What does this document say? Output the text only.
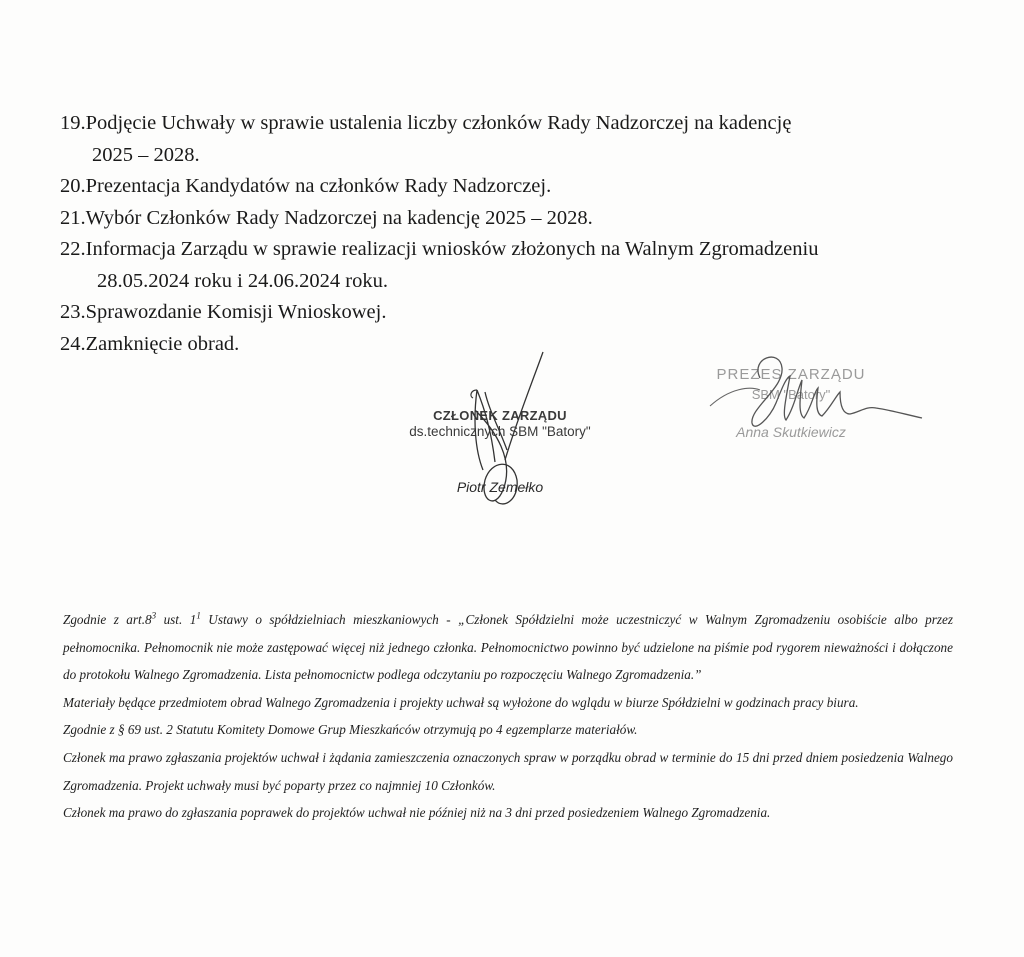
19.Podjęcie Uchwały w sprawie ustalenia liczby członków Rady Nadzorczej na kadencję
2025 – 2028.
20.Prezentacja Kandydatów na członków Rady Nadzorczej.
21.Wybór Członków Rady Nadzorczej na kadencję 2025 – 2028.
22.Informacja Zarządu w sprawie realizacji wniosków złożonych na Walnym Zgromadzeniu
28.05.2024 roku i 24.06.2024 roku.
23.Sprawozdanie Komisji Wnioskowej.
24.Zamknięcie obrad.
CZŁONEK ZARZĄDU
ds.technicznych SBM "Batory"
Piotr Zemełko
PREZES ZARZĄDU
SBM "Batory"
Anna Skutkiewicz

Zgodnie z $art.8^3$ ust. $1^1$ Ustawy o spółdzielniach mieszkaniowych - „Członek Spółdzielni może uczestniczyć w Walnym Zgromadzeniu osobiście albo przez pełnomocnika. Pełnomocnik nie może zastępować więcej niż jednego członka. Pełnomocnictwo powinno być udzielone na piśmie pod rygorem nieważności i dołączone do protokołu Walnego Zgromadzenia. Lista pełnomocnictw podlega odczytaniu po rozpoczęciu Walnego Zgromadzenia.”

Materiały będące przedmiotem obrad Walnego Zgromadzenia i projekty uchwał są wyłożone do wglądu w biurze Spółdzielni w godzinach pracy biura.

Zgodnie z § 69 ust. 2 Statutu Komitety Domowe Grup Mieszkańców otrzymują po 4 egzemplarze materiałów.

Członek ma prawo zgłaszania projektów uchwał i żądania zamieszczenia oznaczonych spraw w porządku obrad w terminie do 15 dni przed dniem posiedzenia Walnego Zgromadzenia. Projekt uchwały musi być poparty przez co najmniej 10 Członków.

Członek ma prawo do zgłaszania poprawek do projektów uchwał nie później niż na 3 dni przed posiedzeniem Walnego Zgromadzenia.
